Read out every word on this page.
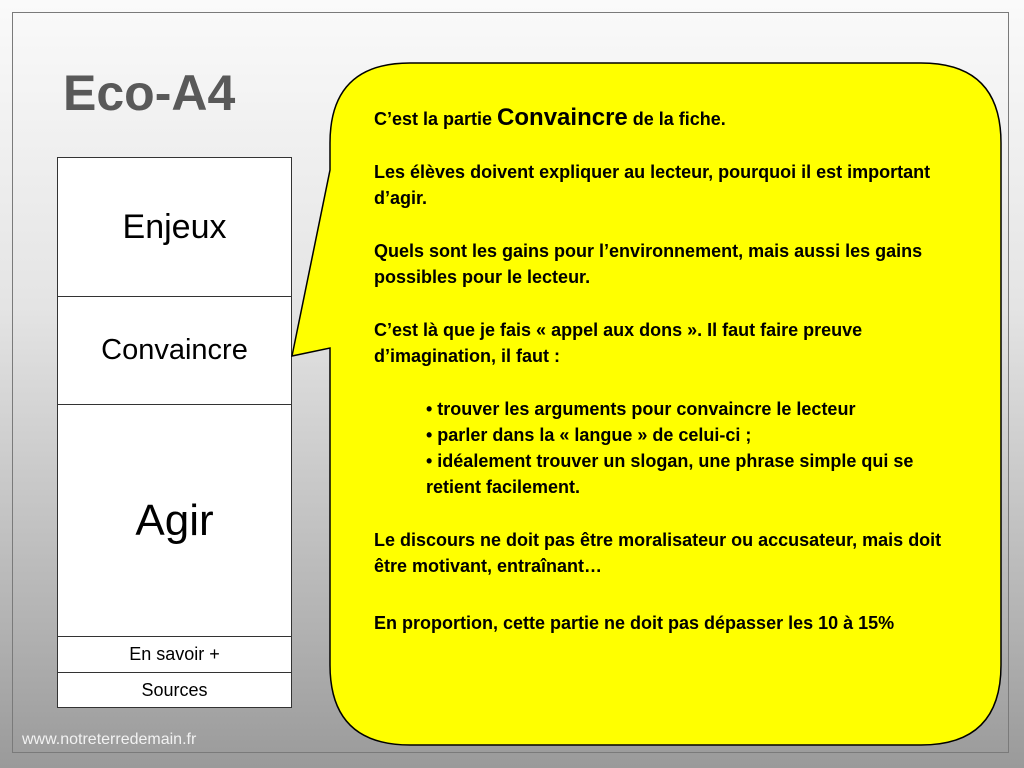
Eco-A4
Enjeux
Convaincre
Agir
En savoir +
Sources

C’est la partie Convaincre de la fiche.

Les élèves doivent expliquer au lecteur, pourquoi il est important d’agir.

Quels sont les gains pour l’environnement, mais aussi les gains possibles pour le lecteur.

C’est là que je fais « appel aux dons ». Il faut faire preuve d’imagination, il faut :

• trouver les arguments pour convaincre le lecteur
• parler dans la « langue » de celui-ci ;
• idéalement trouver un slogan, une phrase simple qui se retient facilement.

Le discours ne doit pas être moralisateur ou accusateur, mais doit être motivant, entraînant…

En proportion, cette partie ne doit pas dépasser les 10 à 15%

www.notreterredemain.fr
